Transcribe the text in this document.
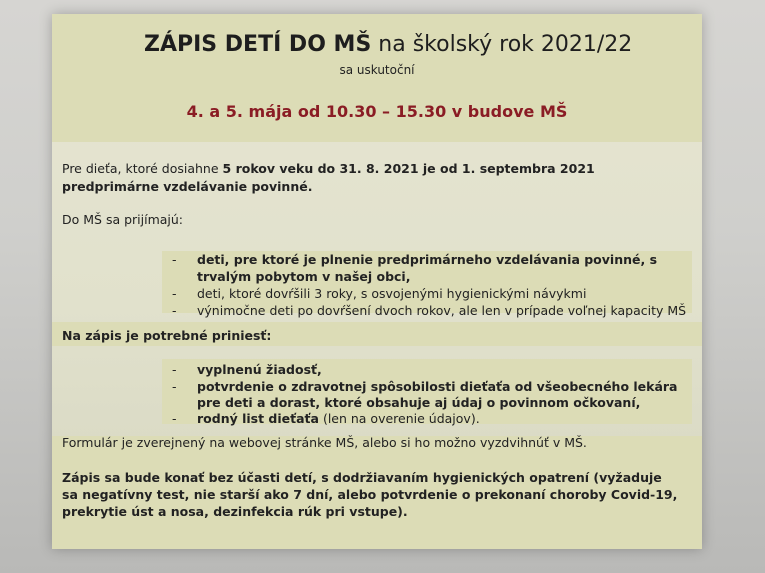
ZÁPIS DETÍ DO MŠ na školský rok 2021/22
sa uskutoční
4. a 5. mája od 10.30 – 15.30 v budove MŠ
Pre dieťa, ktoré dosiahne 5 rokov veku do 31. 8. 2021 je od 1. septembra 2021
predprimárne vzdelávanie povinné.
Do MŠ sa prijímajú:
- deti, pre ktoré je plnenie predprimárneho vzdelávania povinné, s
trvalým pobytom v našej obci,
- deti, ktoré dovŕšili 3 roky, s osvojenými hygienickými návykmi
- výnimočne deti po dovŕšení dvoch rokov, ale len v prípade voľnej kapacity MŠ
Na zápis je potrebné priniesť:
- vyplnenú žiadosť,
- potvrdenie o zdravotnej spôsobilosti dieťaťa od všeobecného lekára
pre deti a dorast, ktoré obsahuje aj údaj o povinnom očkovaní,
- rodný list dieťaťa (len na overenie údajov).
Formulár je zverejnený na webovej stránke MŠ, alebo si ho možno vyzdvihnúť v MŠ.
Zápis sa bude konať bez účasti detí, s dodržiavaním hygienických opatrení (vyžaduje
sa negatívny test, nie starší ako 7 dní, alebo potvrdenie o prekonaní choroby Covid-19,
prekrytie úst a nosa, dezinfekcia rúk pri vstupe).
